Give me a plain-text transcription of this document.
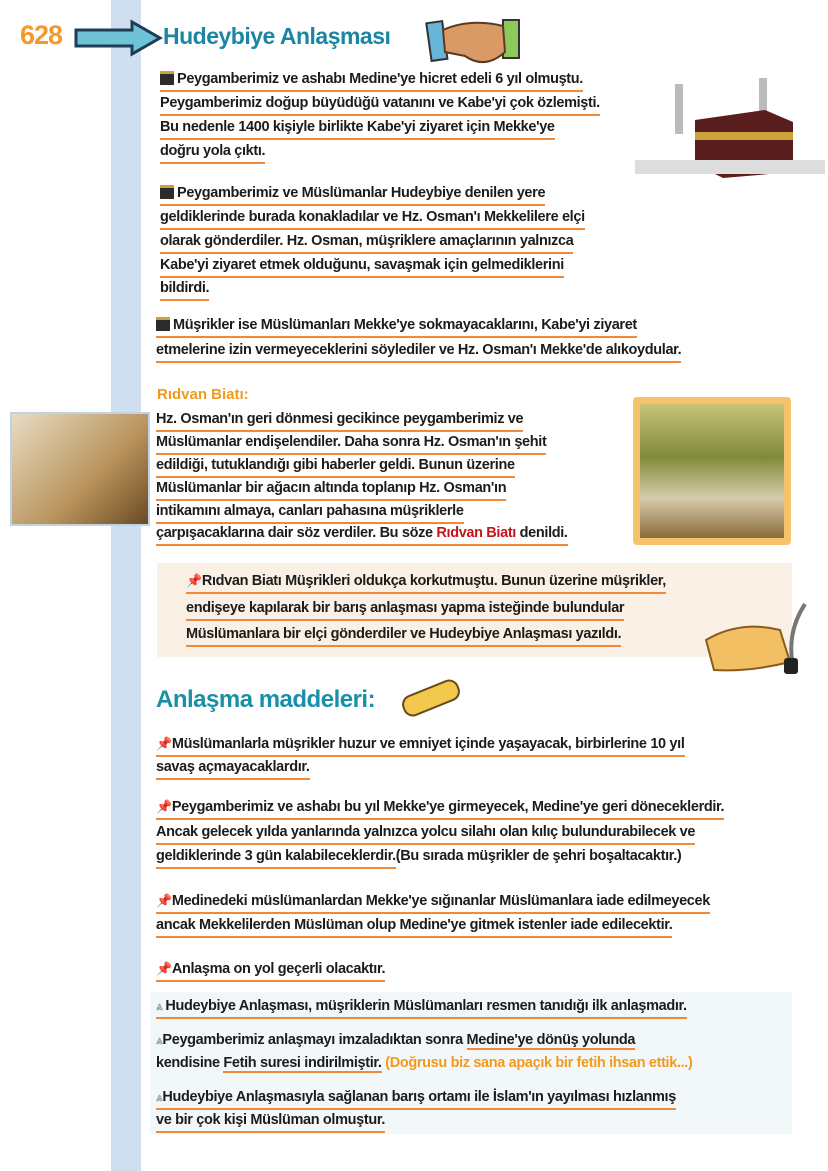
628	Hudeybiye Anlaşması
Peygamberimiz ve ashabı Medine'ye hicret edeli 6 yıl olmuştu.
Peygamberimiz doğup büyüdüğü vatanını ve Kabe'yi çok özlemişti.
Bu nedenle 1400 kişiyle birlikte Kabe'yi ziyaret için Mekke'ye
doğru yola çıktı.
Peygamberimiz ve Müslümanlar Hudeybiye denilen yere
geldiklerinde burada konakladılar ve Hz. Osman'ı Mekkelilere elçi
olarak gönderdiler. Hz. Osman, müşriklere amaçlarının yalnızca
Kabe'yi ziyaret etmek olduğunu, savaşmak için gelmediklerini
bildirdi.
Müşrikler ise Müslümanları Mekke'ye sokmayacaklarını, Kabe'yi ziyaret
etmelerine izin vermeyeceklerini söylediler ve Hz. Osman'ı Mekke'de alıkoydular.
Rıdvan Biatı:
Hz. Osman'ın geri dönmesi gecikince peygamberimiz ve
Müslümanlar endişelendiler. Daha sonra Hz. Osman'ın şehit
edildiği, tutuklandığı gibi haberler geldi. Bunun üzerine
Müslümanlar bir ağacın altında toplanıp Hz. Osman'ın
intikamını almaya, canları pahasına müşriklerle
çarpışacaklarına dair söz verdiler. Bu söze Rıdvan Biatı denildi.
📌Rıdvan Biatı Müşrikleri oldukça korkutmuştu. Bunun üzerine müşrikler,
endişeye kapılarak bir barış anlaşması yapma isteğinde bulundular
Müslümanlara bir elçi gönderdiler ve Hudeybiye Anlaşması yazıldı.
Anlaşma maddeleri:
📌Müslümanlarla müşrikler huzur ve emniyet içinde yaşayacak, birbirlerine 10 yıl
savaş açmayacaklardır.
📌Peygamberimiz ve ashabı bu yıl Mekke'ye girmeyecek, Medine'ye geri döneceklerdir.
Ancak gelecek yılda yanlarında yalnızca yolcu silahı olan kılıç bulundurabilecek ve
geldiklerinde 3 gün kalabileceklerdir.(Bu sırada müşrikler de şehri boşaltacaktır.)
📌Medinedeki müslümanlardan Mekke'ye sığınanlar Müslümanlara iade edilmeyecek
ancak Mekkelilerden Müslüman olup Medine'ye gitmek istenler iade edilecektir.
📌Anlaşma on yol geçerli olacaktır.
⩓ Hudeybiye Anlaşması, müşriklerin Müslümanları resmen tanıdığı ilk anlaşmadır.
⩓Peygamberimiz anlaşmayı imzaladıktan sonra Medine'ye dönüş yolunda
kendisine Fetih suresi indirilmiştir. (Doğrusu biz sana apaçık bir fetih ihsan ettik...)
⩓Hudeybiye Anlaşmasıyla sağlanan barış ortamı ile İslam'ın yayılması hızlanmış
ve bir çok kişi Müslüman olmuştur.
